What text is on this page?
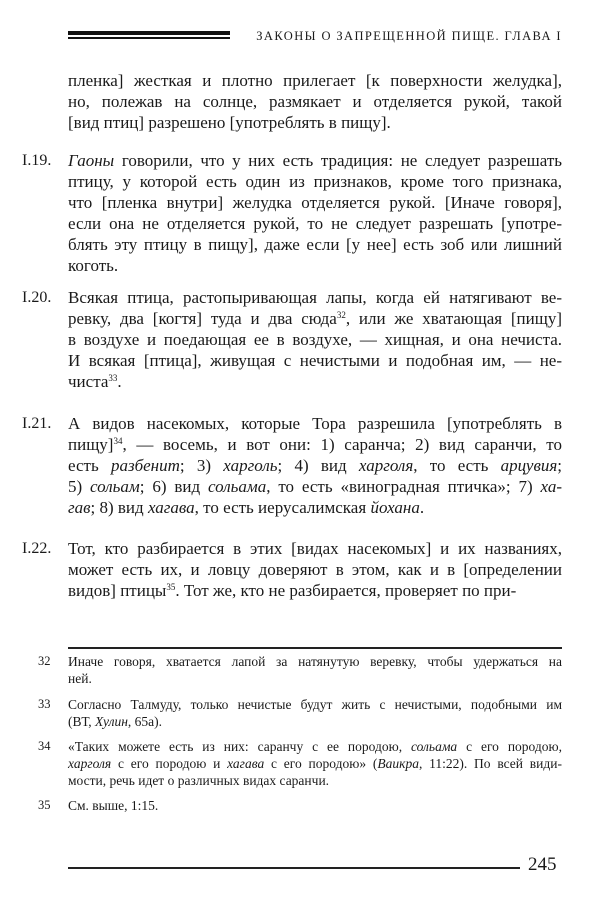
ЗАКОНЫ О ЗАПРЕЩЕННОЙ ПИЩЕ. ГЛАВА I
пленка] жесткая и плотно прилегает [к поверхности желудка],
но, полежав на солнце, размякает и отделяется рукой, такой
[вид птиц] разрешено [употреблять в пищу].
I.19. Гаоны говорили, что у них есть традиция: не следует разрешать
птицу, у которой есть один из признаков, кроме того признака,
что [пленка внутри] желудка отделяется рукой. [Иначе говоря],
если она не отделяется рукой, то не следует разрешать [употре-
блять эту птицу в пищу], даже если [у нее] есть зоб или лишний
коготь.
I.20. Всякая птица, растопыривающая лапы, когда ей натягивают ве-
ревку, два [когтя] туда и два сюда$^{32}$, или же хватающая [пищу]
в воздухе и поедающая ее в воздухе, — хищная, и она нечиста.
И всякая [птица], живущая с нечистыми и подобная им, — не-
чиста$^{33}$.
I.21. А видов насекомых, которые Тора разрешила [употреблять в
пищу]$^{34}$, — восемь, и вот они: 1) саранча; 2) вид саранчи, то
есть разбенит; 3) харголь; 4) вид харголя, то есть арцувия;
5) сольам; 6) вид сольама, то есть «виноградная птичка»; 7) ха-
гав; 8) вид хагава, то есть иерусалимская йохана.
I.22. Тот, кто разбирается в этих [видах насекомых] и их названиях,
может есть их, и ловцу доверяют в этом, как и в [определении
видов] птицы$^{35}$. Тот же, кто не разбирается, проверяет по при-
32 Иначе говоря, хватается лапой за натянутую веревку, чтобы удержаться на
ней.
33 Согласно Талмуду, только нечистые будут жить с нечистыми, подобными им
(ВТ, Хулин, 65а).
34 «Таких можете есть из них: саранчу с ее породою, сольама с его породою,
харголя с его породою и хагава с его породою» (Ваикра, 11:22). По всей види-
мости, речь идет о различных видах саранчи.
35 См. выше, 1:15.
245
